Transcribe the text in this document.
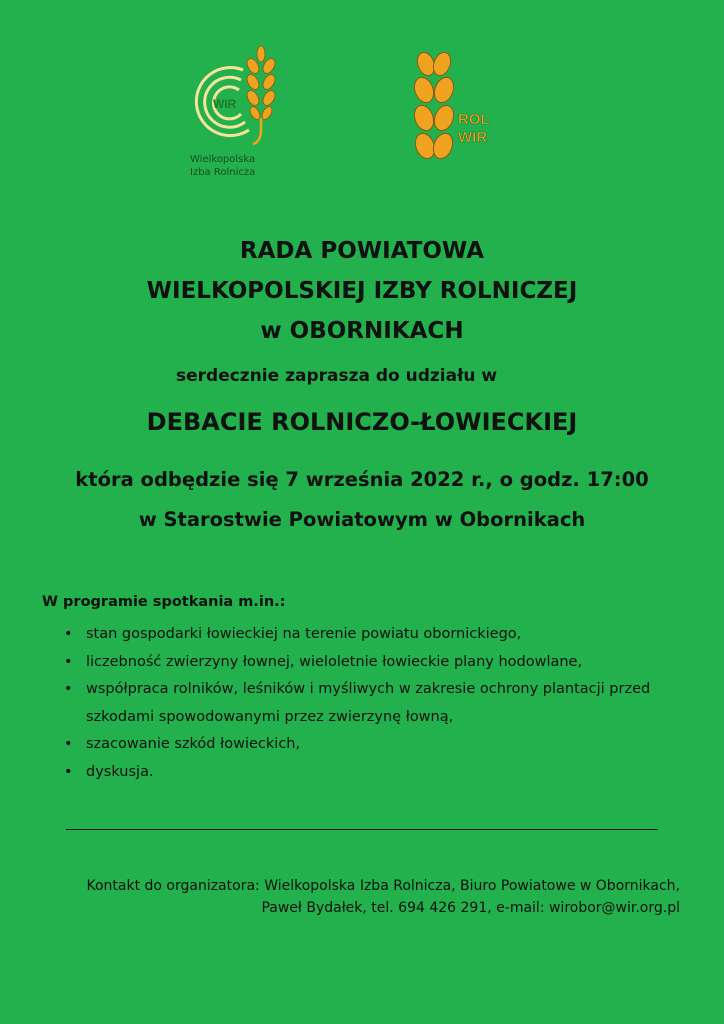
WIR
Wielkopolska
Izba Rolnicza
ROL
WIR
RADA POWIATOWA
WIELKOPOLSKIEJ IZBY ROLNICZEJ
w OBORNIKACH
serdecznie zaprasza do udziału w
DEBACIE ROLNICZO-ŁOWIECKIEJ
która odbędzie się 7 września 2022 r., o godz. 17:00
w Starostwie Powiatowym w Obornikach
W programie spotkania m.in.:
• stan gospodarki łowieckiej na terenie powiatu obornickiego,
• liczebność zwierzyny łownej, wieloletnie łowieckie plany hodowlane,
• współpraca rolników, leśników i myśliwych w zakresie ochrony plantacji przed szkodami spowodowanymi przez zwierzynę łowną,
• szacowanie szkód łowieckich,
• dyskusja.
Kontakt do organizatora: Wielkopolska Izba Rolnicza, Biuro Powiatowe w Obornikach,
Paweł Bydałek, tel. 694 426 291, e-mail: wirobor@wir.org.pl
